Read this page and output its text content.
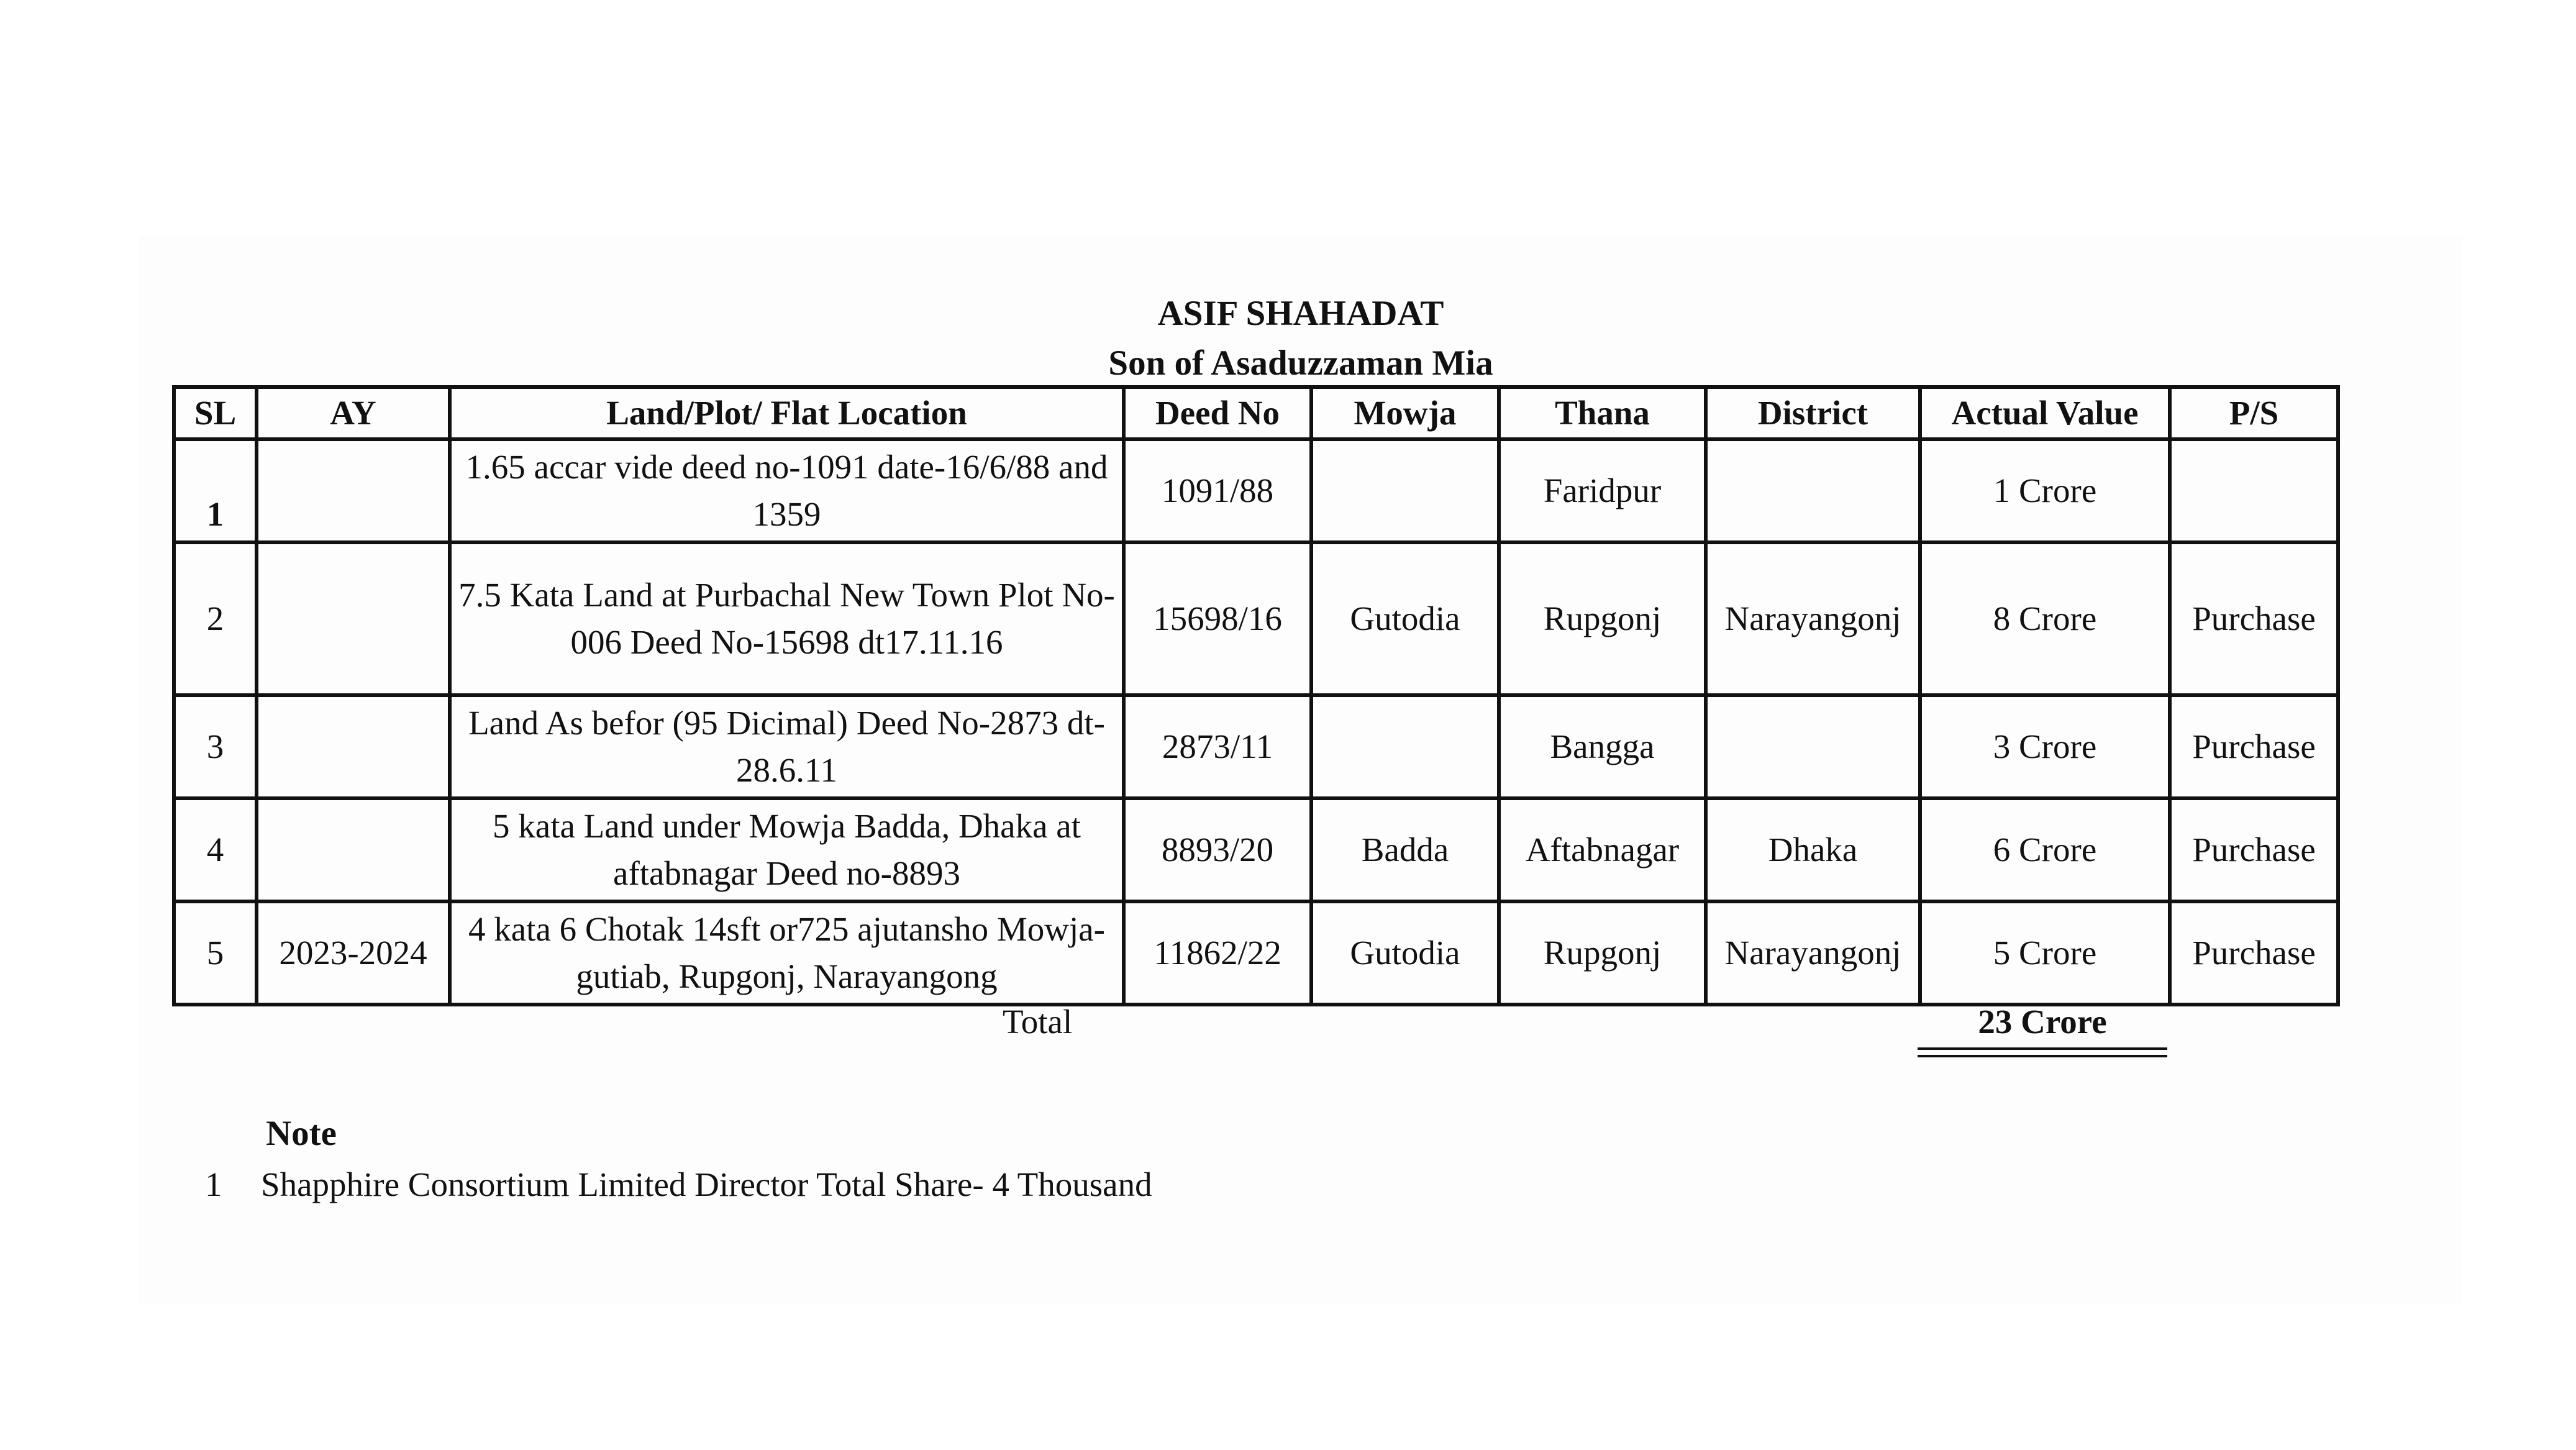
ASIF SHAHADAT
Son of Asaduzzaman Mia
SL	AY	Land/Plot/ Flat Location	Deed No	Mowja	Thana	District	Actual Value	P/S
1		1.65 accar vide deed no-1091 date-16/6/88 and 1359	1091/88		Faridpur		1 Crore	
2		7.5 Kata Land at Purbachal New Town Plot No-006 Deed No-15698 dt17.11.16	15698/16	Gutodia	Rupgonj	Narayangonj	8 Crore	Purchase
3		Land As befor (95 Dicimal) Deed No-2873 dt-28.6.11	2873/11		Bangga		3 Crore	Purchase
4		5 kata Land under Mowja Badda, Dhaka at aftabnagar Deed no-8893	8893/20	Badda	Aftabnagar	Dhaka	6 Crore	Purchase
5	2023-2024	4 kata 6 Chotak 14sft or725 ajutansho Mowja-gutiab, Rupgonj, Narayangong	11862/22	Gutodia	Rupgonj	Narayangonj	5 Crore	Purchase
Total	23 Crore
Note
1 Shapphire Consortium Limited Director Total Share- 4 Thousand
